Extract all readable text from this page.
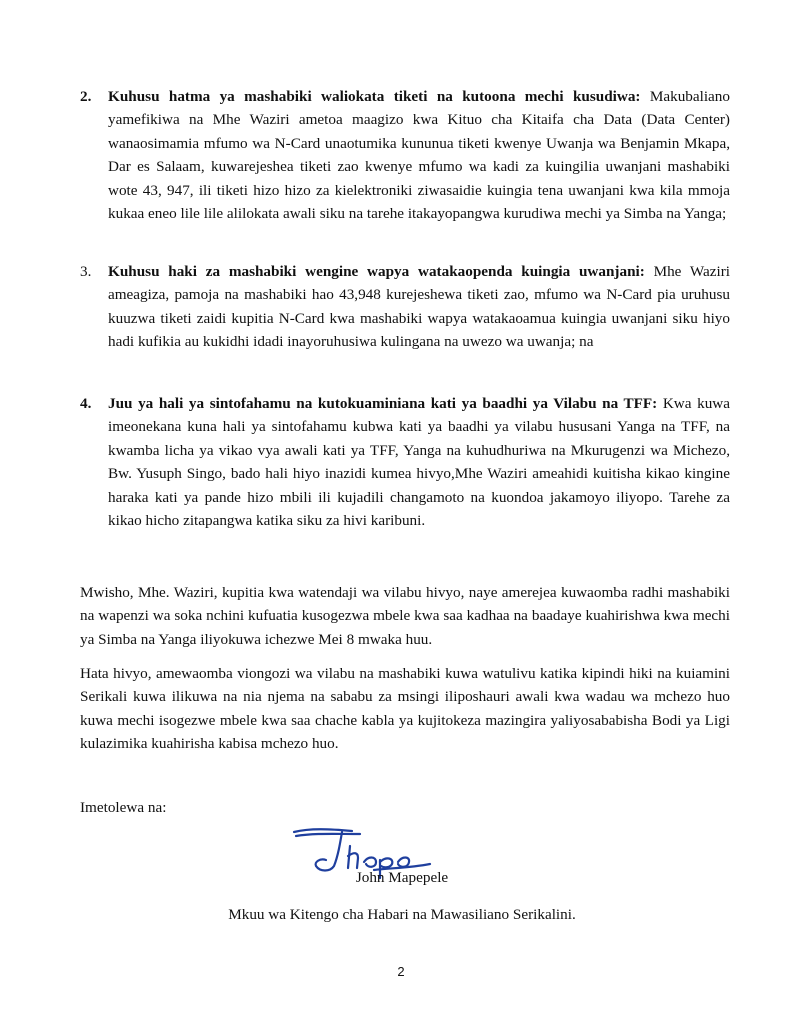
2.	Kuhusu hatma ya mashabiki waliokata tiketi na kutoona mechi kusudiwa: Makubaliano yamefikiwa na Mhe Waziri ametoa maagizo kwa Kituo cha Kitaifa cha Data (Data Center) wanaosimamia mfumo wa N-Card unaotumika kununua tiketi kwenye Uwanja wa Benjamin Mkapa, Dar es Salaam, kuwarejeshea tiketi zao kwenye mfumo wa kadi za kuingilia uwanjani mashabiki wote 43, 947, ili tiketi hizo hizo za kielektroniki ziwasaidie kuingia tena uwanjani kwa kila mmoja kukaa eneo lile lile alilokata awali siku na tarehe itakayopangwa kurudiwa mechi ya Simba na Yanga;
3.	Kuhusu haki za mashabiki wengine wapya watakaopenda kuingia uwanjani: Mhe Waziri ameagiza, pamoja na mashabiki hao 43,948 kurejeshewa tiketi zao, mfumo wa N-Card pia uruhusu kuuzwa tiketi zaidi kupitia N-Card kwa mashabiki wapya watakaoamua kuingia uwanjani siku hiyo hadi kufikia au kukidhi idadi inayoruhusiwa kulingana na uwezo wa uwanja; na
4.	Juu ya hali ya sintofahamu na kutokuaminiana kati ya baadhi ya Vilabu na TFF: Kwa kuwa imeonekana kuna hali ya sintofahamu kubwa kati ya baadhi ya vilabu hususani Yanga na TFF, na kwamba licha ya vikao vya awali kati ya TFF, Yanga na kuhudhuriwa na Mkurugenzi wa Michezo, Bw. Yusuph Singo, bado hali hiyo inazidi kumea hivyo,Mhe Waziri ameahidi kuitisha kikao kingine haraka kati ya pande hizo mbili ili kujadili changamoto na kuondoa jakamoyo iliyopo. Tarehe za kikao hicho zitapangwa katika siku za hivi karibuni.
Mwisho, Mhe. Waziri, kupitia kwa watendaji wa vilabu hivyo, naye amerejea kuwaomba radhi mashabiki na wapenzi wa soka nchini kufuatia kusogezwa mbele kwa saa kadhaa na baadaye kuahirishwa kwa mechi ya Simba na Yanga iliyokuwa ichezwe Mei 8 mwaka huu.
Hata hivyo, amewaomba viongozi wa vilabu na mashabiki kuwa watulivu katika kipindi hiki na kuiamini Serikali kuwa ilikuwa na nia njema na sababu za msingi iliposhauri awali kwa wadau wa mchezo huo kuwa mechi isogezwe mbele kwa saa chache kabla ya kujitokeza mazingira yaliyosababisha Bodi ya Ligi kulazimika kuahirisha kabisa mchezo huo.
Imetolewa na:
John Mapepele
Mkuu wa Kitengo cha Habari na Mawasiliano Serikalini.
2
